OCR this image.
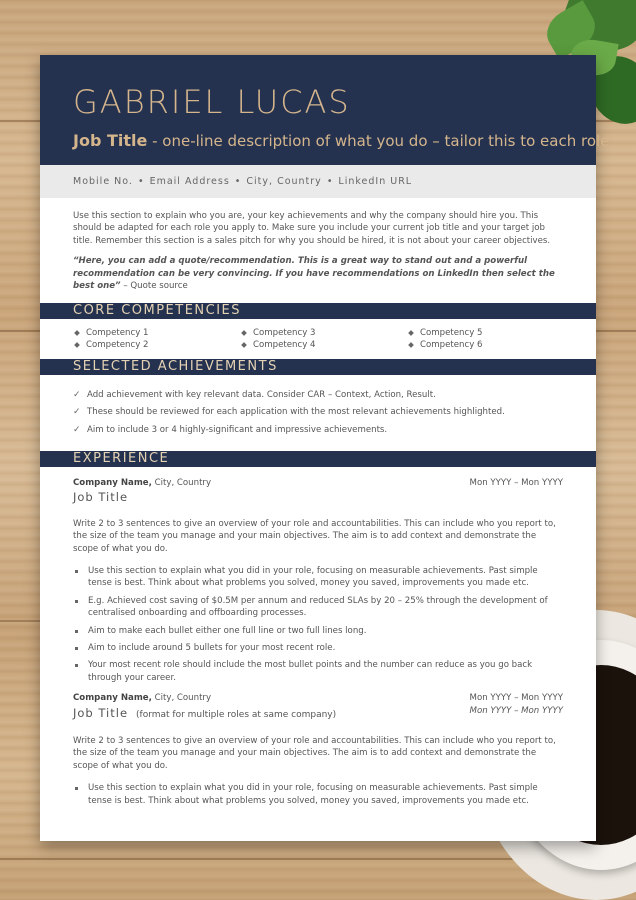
GABRIEL LUCAS
Job Title - one-line description of what you do – tailor this to each role
Mobile No. • Email Address • City, Country • LinkedIn URL
Use this section to explain who you are, your key achievements and why the company should hire you. This should be adapted for each role you apply to. Make sure you include your current job title and your target job title. Remember this section is a sales pitch for why you should be hired, it is not about your career objectives.
“Here, you can add a quote/recommendation. This is a great way to stand out and a powerful recommendation can be very convincing. If you have recommendations on LinkedIn then select the best one” – Quote source
CORE COMPETENCIES
Competency 1	Competency 3	Competency 5
Competency 2	Competency 4	Competency 6
SELECTED ACHIEVEMENTS
✓ Add achievement with key relevant data. Consider CAR – Context, Action, Result.
✓ These should be reviewed for each application with the most relevant achievements highlighted.
✓ Aim to include 3 or 4 highly-significant and impressive achievements.
EXPERIENCE
Company Name, City, Country
Job Title
Mon YYYY – Mon YYYY
Write 2 to 3 sentences to give an overview of your role and accountabilities. This can include who you report to, the size of the team you manage and your main objectives. The aim is to add context and demonstrate the scope of what you do.
Use this section to explain what you did in your role, focusing on measurable achievements. Past simple tense is best. Think about what problems you solved, money you saved, improvements you made etc.
E.g. Achieved cost saving of $0.5M per annum and reduced SLAs by 20 – 25% through the development of centralised onboarding and offboarding processes.
Aim to make each bullet either one full line or two full lines long.
Aim to include around 5 bullets for your most recent role.
Your most recent role should include the most bullet points and the number can reduce as you go back through your career.
Company Name, City, Country
Job Title (format for multiple roles at same company)
Mon YYYY – Mon YYYY
Mon YYYY – Mon YYYY
Write 2 to 3 sentences to give an overview of your role and accountabilities. This can include who you report to, the size of the team you manage and your main objectives. The aim is to add context and demonstrate the scope of what you do.
Use this section to explain what you did in your role, focusing on measurable achievements. Past simple tense is best. Think about what problems you solved, money you saved, improvements you made etc.
